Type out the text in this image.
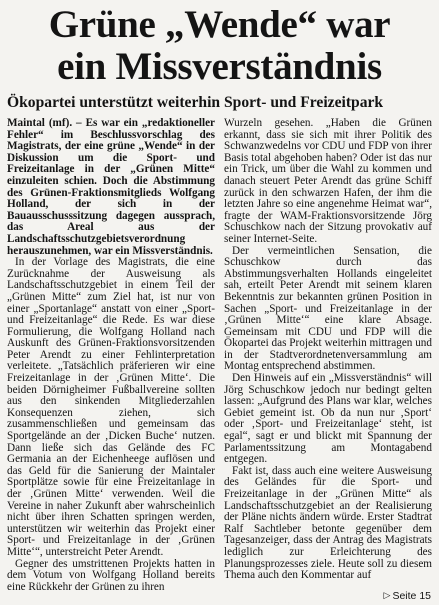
Grüne „Wende“ war
ein Missverständnis
Ökopartei unterstützt weiterhin Sport- und Freizeitpark

Maintal (mf). – Es war ein „redaktioneller Fehler“ im Beschlussvorschlag des Magistrats, der eine grüne „Wende“ in der Diskussion um die Sport- und Freizeitanlage in der „Grünen Mitte“ einzuleiten schien. Doch die Abstimmung des Grünen-Fraktionsmitglieds Wolfgang Holland, der sich in der Bauausschusssitzung dagegen aussprach, das Areal aus der Landschaftsschutzgebietsverordnung herauszunehmen, war ein Missverständnis.

In der Vorlage des Magistrats, die eine Zurücknahme der Ausweisung als Landschaftsschutzgebiet in einem Teil der „Grünen Mitte“ zum Ziel hat, ist nur von einer „Sportanlage“ anstatt von einer „Sport- und Freizeitanlage“ die Rede. Es war diese Formulierung, die Wolfgang Holland nach Auskunft des Grünen-Fraktionsvorsitzenden Peter Arendt zu einer Fehlinterpretation verleitete. „Tatsächlich präferieren wir eine Freizeitanlage in der ‚Grünen Mitte‘. Die beiden Dörnigheimer Fußballvereine sollten aus den sinkenden Mitgliederzahlen Konsequenzen ziehen, sich zusammenschließen und gemeinsam das Sportgelände an der ‚Dicken Buche‘ nutzen. Dann ließe sich das Gelände des FC Germania an der Eichenheege auflösen und das Geld für die Sanierung der Maintaler Sportplätze sowie für eine Freizeitanlage in der ‚Grünen Mitte‘ verwenden. Weil die Vereine in naher Zukunft aber wahrscheinlich nicht über ihren Schatten springen werden, unterstützen wir weiterhin das Projekt einer Sport- und Freizeitanlage in der ‚Grünen Mitte‘“, unterstreicht Peter Arendt.

Gegner des umstrittenen Projekts hatten in dem Votum von Wolfgang Holland bereits eine Rückkehr der Grünen zu ihren

Wurzeln gesehen. „Haben die Grünen erkannt, dass sie sich mit ihrer Politik des Schwanzwedelns vor CDU und FDP von ihrer Basis total abgehoben haben? Oder ist das nur ein Trick, um über die Wahl zu kommen und danach steuert Peter Arendt das grüne Schiff zurück in den schwarzen Hafen, der ihm die letzten Jahre so eine angenehme Heimat war“, fragte der WAM-Fraktionsvorsitzende Jörg Schuschkow nach der Sitzung provokativ auf seiner Internet-Seite.

Der vermeintlichen Sensation, die Schuschkow durch das Abstimmungsverhalten Hollands eingeleitet sah, erteilt Peter Arendt mit seinem klaren Bekenntnis zur bekannten grünen Position in Sachen „Sport- und Freizeitanlage in der ‚Grünen Mitte‘“ eine klare Absage. Gemeinsam mit CDU und FDP will die Ökopartei das Projekt weiterhin mittragen und in der Stadtverordnetenversammlung am Montag entsprechend abstimmen.

Den Hinweis auf ein „Missverständnis“ will Jörg Schuschkow jedoch nur bedingt gelten lassen: „Aufgrund des Plans war klar, welches Gebiet gemeint ist. Ob da nun nur ‚Sport‘ oder ‚Sport- und Freizeitanlage‘ steht, ist egal“, sagt er und blickt mit Spannung der Parlamentssitzung am Montagabend entgegen.

Fakt ist, dass auch eine weitere Ausweisung des Geländes für die Sport- und Freizeitanlage in der „Grünen Mitte“ als Landschaftsschutzgebiet an der Realisierung der Pläne nichts ändern würde. Erster Stadtrat Ralf Sachtleber betonte gegenüber dem Tagesanzeiger, dass der Antrag des Magistrats lediglich zur Erleichterung des Planungsprozesses ziele. Heute soll zu diesem Thema auch den Kommentar auf

▷ Seite 15
